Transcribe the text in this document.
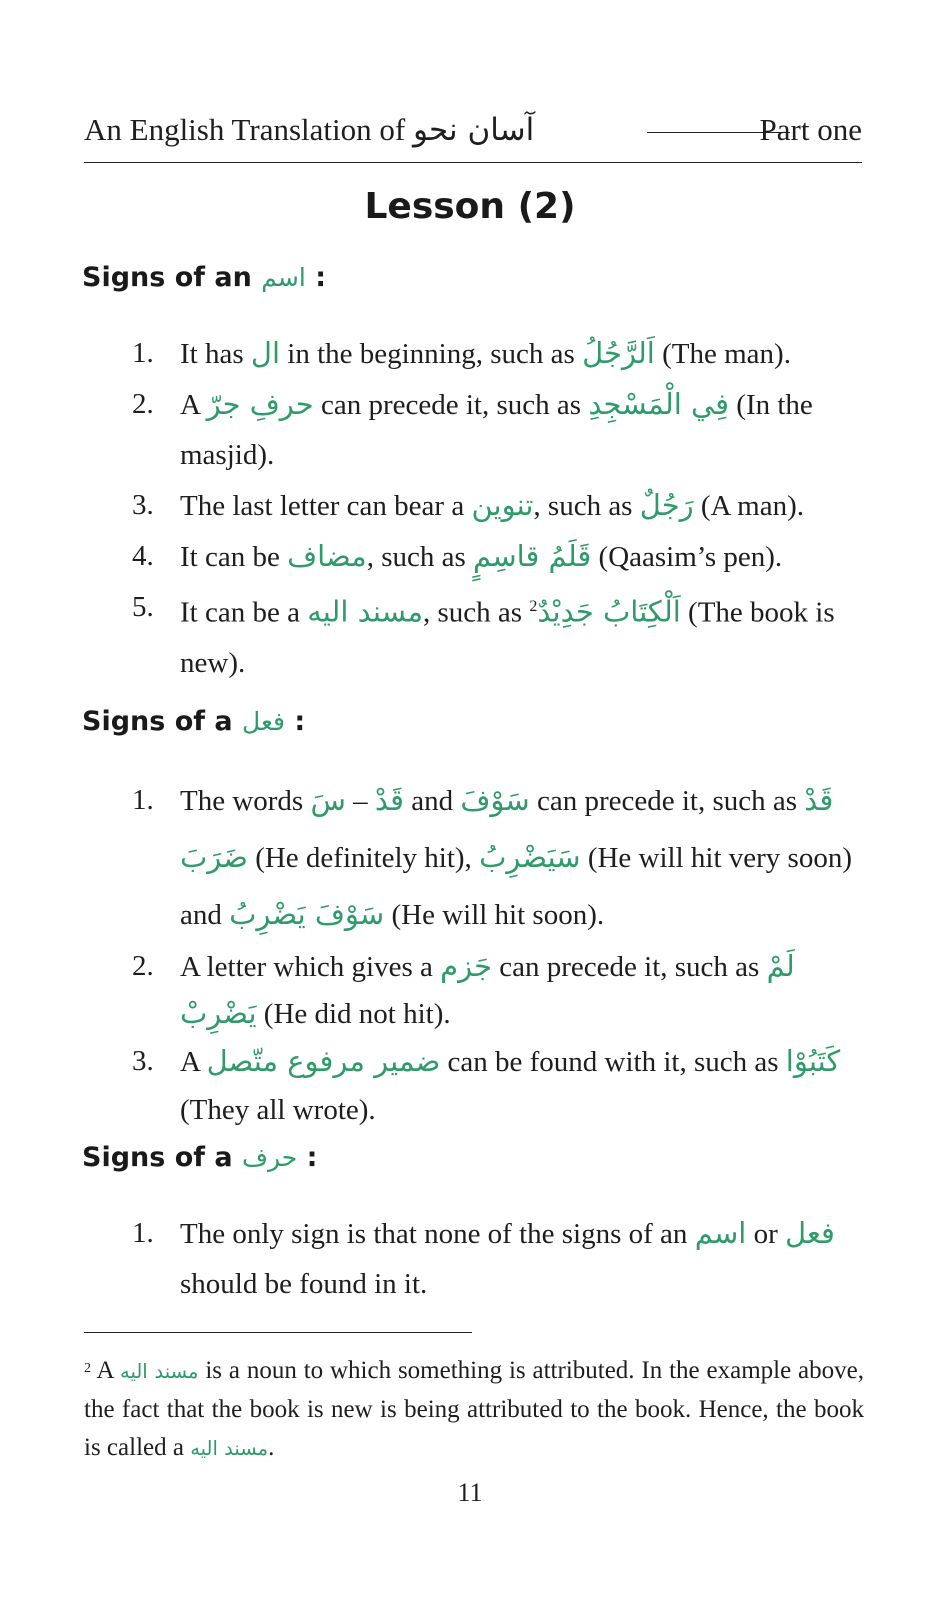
An English Translation of آسان نحو	Part one
Lesson (2)
Signs of an اسم :
1. It has ال in the beginning, such as اَلرَّجُلُ (The man).
2. A حرفِ جرّ can precede it, such as فِي الْمَسْجِدِ (In the masjid).
3. The last letter can bear a تنوين, such as رَجُلٌ (A man).
4. It can be مضاف, such as قَلَمُ قاسِمٍ (Qaasim’s pen).
5. It can be a مسند اليه, such as $^2$اَلْكِتَابُ جَدِيْدٌ (The book is new).
Signs of a فعل :
1. The words قَدْ – سَ and سَوْفَ can precede it, such as قَدْ ضَرَبَ (He definitely hit), سَيَضْرِبُ (He will hit very soon) and سَوْفَ يَضْرِبُ (He will hit soon).
2. A letter which gives a جَزم can precede it, such as لَمْ يَضْرِبْ (He did not hit).
3. A ضمير مرفوع متّصل can be found with it, such as كَتَبُوْا (They all wrote).
Signs of a حرف :
1. The only sign is that none of the signs of an اسم or فعل should be found in it.
$^2$ A مسند اليه is a noun to which something is attributed. In the example above, the fact that the book is new is being attributed to the book. Hence, the book is called a مسند اليه.
11
